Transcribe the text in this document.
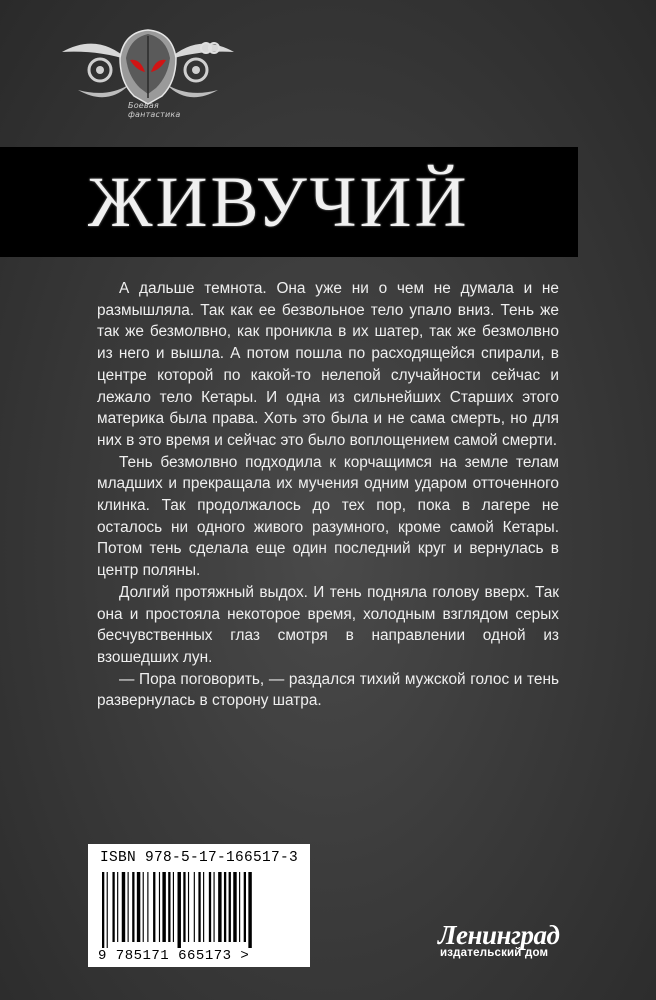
Боевая фантастика
ЖИВУЧИЙ

А дальше темнота. Она уже ни о чем не думала и не размышляла. Так как ее безвольное тело упало вниз. Тень же так же безмолвно, как проникла в их шатер, так же безмолвно из него и вышла. А потом пошла по расходящейся спирали, в центре которой по какой-то нелепой случайности сейчас и лежало тело Кетары. И одна из сильнейших Старших этого материка была права. Хоть это была и не сама смерть, но для них в это время и сейчас это было воплощением самой смерти.

Тень безмолвно подходила к корчащимся на земле телам младших и прекращала их мучения одним ударом отточенного клинка. Так продолжалось до тех пор, пока в лагере не осталось ни одного живого разумного, кроме самой Кетары. Потом тень сделала еще один последний круг и вернулась в центр поляны.

Долгий протяжный выдох. И тень подняла голову вверх. Так она и простояла некоторое время, холодным взглядом серых бесчувственных глаз смотря в направлении одной из взошедших лун.

— Пора поговорить, — раздался тихий мужской голос и тень развернулась в сторону шатра.

ISBN 978-5-17-166517-3
9 785171 665173 >
Ленинград
издательский дом
